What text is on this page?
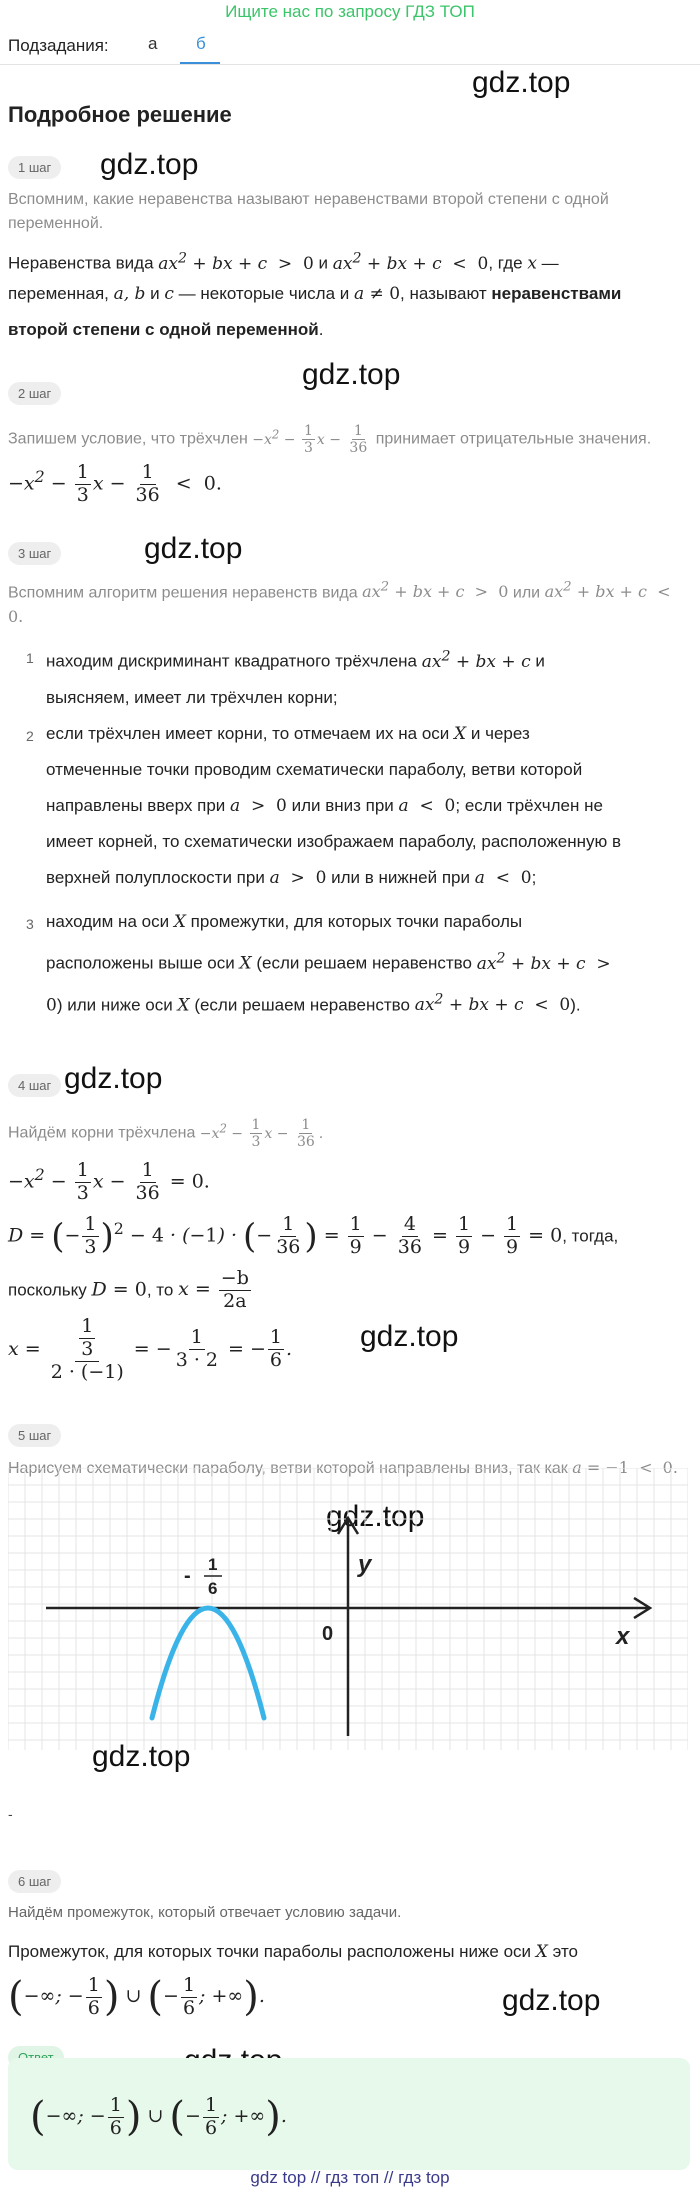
Ищите нас по запросу ГДЗ ТОП
Подзадания: а б
Подробное решение
gdz.top
gdz.top
gdz.top
gdz.top
gdz.top
gdz.top
gdz.top
gdz.top
gdz.top
1 шаг
Вспомним, какие неравенства называют неравенствами второй степени с одной переменной.
Неравенства вида $ax^2$ + bx + c  >  0 и $ax^2$ + bx + c  <  0, где x —
переменная, a, b и c — некоторые числа и a ≠ 0, называют неравенствами
второй степени с одной переменной.
2 шаг
Запишем условие, что трёхчлен $-x^2 - \frac{1}{3}$ $x - \frac{1}{36}$ принимает отрицательные значения.
$-x^2 - \frac{1}{3}$ $x - \frac{1}{36} < 0$.
3 шаг
Вспомним алгоритм решения неравенств вида $ax^2$ + bx + c  >  0 или $ax^2$ + bx + c  <  0.
1 находим дискриминант квадратного трёхчлена $ax^2$ + bx + c и
выясняем, имеет ли трёхчлен корни;
2 если трёхчлен имеет корни, то отмечаем их на оси X и через
отмеченные точки проводим схематически параболу, ветви которой
направлены вверх при a  >  0 или вниз при a  <  0; если трёхчлен не
имеет корней, то схематически изображаем параболу, расположенную в
верхней полуплоскости при a  >  0 или в нижней при a  <  0;
3 находим на оси X промежутки, для которых точки параболы
расположены выше оси X (если решаем неравенство $ax^2$ + bx + c  >
0) или ниже оси X (если решаем неравенство $ax^2$ + bx + c  <  0).
4 шаг
Найдём корни трёхчлена $-x^2 - \frac{1}{3}$ $x - \frac{1}{36}$ .
$-x^2 - \frac{1}{3}$ $x - \frac{1}{36} = 0$.
D = (− $\frac{1}{3} )^2 - 4 \cdot (-1)$ · (− $\frac{1}{36}$ ) = $\frac{1}{9} - \frac{4}{36} = \frac{1}{9} - \frac{1}{9} = 0$, тогда,
поскольку D = 0, то $x = \frac{-b}{2a}$
$x = \frac{\frac{1}{3}}{2 \cdot (-1)}$ = − $\frac{1}{3 \cdot 2}$ = − $\frac{1}{6}$ .
5 шаг
Нарисуем схематически параболу, ветви которой направлены вниз, так как a = −1  <  0.
-
1
6
0	x
y
-
6 шаг
Найдём промежуток, который отвечает условию задачи.
Промежуток, для которых точки параболы расположены ниже оси X это
(−∞; − $\frac{1}{6}$ ) ∪ (− $\frac{1}{6}$ ; +∞).
(−∞; − $\frac{1}{6}$ ) ∪ (− $\frac{1}{6}$ ; +∞).
gdz top // гдз топ // гдз top
